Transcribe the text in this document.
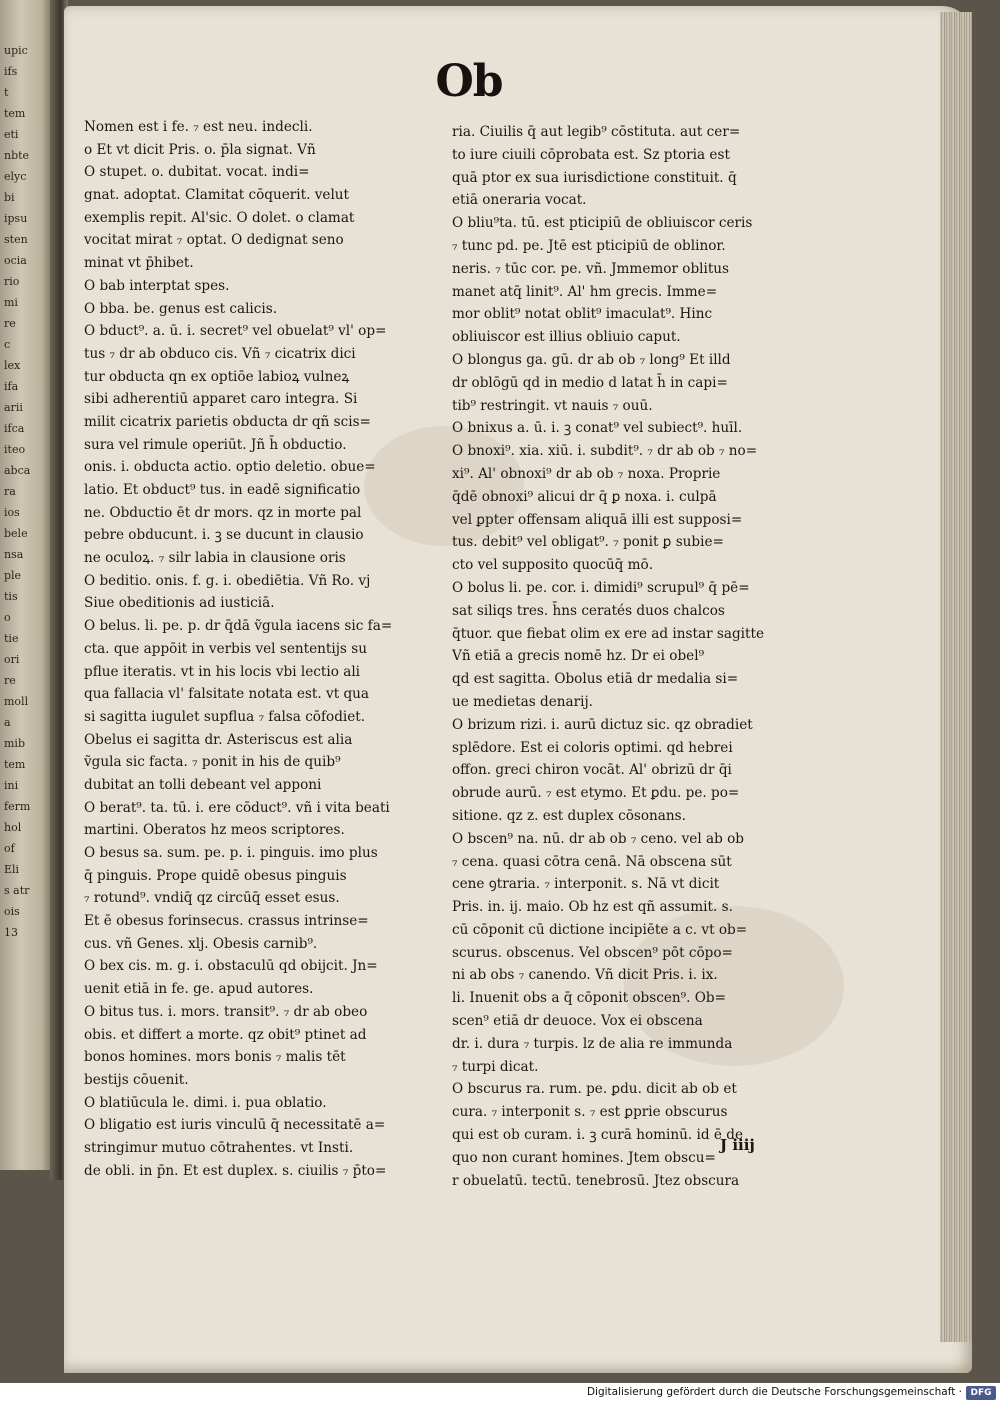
upic
ifs
t
tem
eti
nbte
elyc
bi
ipsu
sten
ocia
rio
mi
re
c
lex
ifa
arii
ifca
iteo
abca
ra
ios
bele
nsa
ple
tis
o
tie
ori
re
moll
a
mib
tem
ini
ferm
hol
of
Eli
s atr
ois
13
Ob
Nomen est i fe. ₇ est neu. indecli.
o Et vt dicit Pris. o. p̄la signat. Vñ
O stupet. o. dubitat. vocat. indi=
gnat. adoptat. Clamitat cōquerit. velut
exemplis repit. Al'sic. O dolet. o clamat
vocitat mirat ₇ optat. O dedignat seno
minat vt p̄hibet.
O bab interptat spes.
O bba. be. genus est calicis.
O bduct⁹. a. ū. i. secret⁹ vel obuelat⁹ vl' op=
tus ₇ dr ab obduco cis. Vñ ₇ cicatrix dici
tur obducta qn ex optiōe labioꝝ vulneꝝ
sibi adherentiū apparet caro integra. Si
milit cicatrix parietis obducta dr qñ scis=
sura vel rimule operiūt. Jñ h̄ obductio.
onis. i. obducta actio. optio deletio. obue=
latio. Et obduct⁹ tus. in eadē significatio
ne. Obductio ēt dr mors. qz in morte pal
pebre obducunt. i. ꝫ se ducunt in clausio
ne oculoꝝ. ₇ silr labia in clausione oris
O beditio. onis. f. g. i. obediētia. Vñ Ro. vj
Siue obeditionis ad iusticiā.
O belus. li. pe. p. dr q̄dā ṽgula iacens sic fa=
cta. que appōit in verbis vel sententijs su
pflue iteratis. vt in his locis vbi lectio ali
qua fallacia vl' falsitate notata est. vt qua
si sagitta iugulet supflua ₇ falsa cōfodiet.
Obelus ei sagitta dr. Asteriscus est alia
ṽgula sic facta. ₇ ponit in his de quib⁹
dubitat an tolli debeant vel apponi
O berat⁹. ta. tū. i. ere cōduct⁹. vñ i vita beati
martini. Oberatos hz meos scriptores.
O besus sa. sum. pe. p. i. pinguis. imo plus
q̄ pinguis. Prope quidē obesus pinguis
₇ rotund⁹. vndiq̄ qz circūq̄ esset esus.
Et ē obesus forinsecus. crassus intrinse=
cus. vñ Genes. xlj. Obesis carnib⁹.
O bex cis. m. g. i. obstaculū qd obijcit. Jn=
uenit etiā in fe. ge. apud autores.
O bitus tus. i. mors. transit⁹. ₇ dr ab obeo
obis. et differt a morte. qz obit⁹ ptinet ad
bonos homines. mors bonis ₇ malis tēt
bestijs cōuenit.
O blatiūcula le. dimi. i. pua oblatio.
O bligatio est iuris vinculū q̄ necessitatē a=
stringimur mutuo cōtrahentes. vt Insti.
de obli. in p̄n. Et est duplex. s. ciuilis ₇ p̄to=
ria. Ciuilis q̄ aut legib⁹ cōstituta. aut cer=
to iure ciuili cōprobata est. Sz ptoria est
quā ptor ex sua iurisdictione constituit. q̄
etiā oneraria vocat.
O bliu⁹ta. tū. est pticipiū de obliuiscor ceris
₇ tunc pd. pe. Jtē est pticipiū de oblinor.
neris. ₇ tūc cor. pe. vñ. Jmmemor oblitus
manet atq̄ linit⁹. Al' hm grecis. Imme=
mor oblit⁹ notat oblit⁹ imaculat⁹. Hinc
obliuiscor est illius obliuio caput.
O blongus ga. gū. dr ab ob ₇ long⁹ Et illd
dr oblōgū qd in medio d latat h̄ in capi=
tib⁹ restringit. vt nauis ₇ ouū.
O bnixus a. ū. i. ꝫ conat⁹ vel subiect⁹. huīl.
O bnoxi⁹. xia. xiū. i. subdit⁹. ₇ dr ab ob ₇ no=
xi⁹. Al' obnoxi⁹ dr ab ob ₇ noxa. Proprie
q̄dē obnoxi⁹ alicui dr q̄ ꝑ noxa. i. culpā
vel ꝑpter offensam aliquā illi est supposi=
tus. debit⁹ vel obligat⁹. ₇ ponit ꝑ subie=
cto vel supposito quocūq̄ mō.
O bolus li. pe. cor. i. dimidi⁹ scrupul⁹ q̄ pē=
sat siliqs tres. h̄ns ceratés duos chalcos
q̄tuor. que fiebat olim ex ere ad instar sagitte
Vñ etiā a grecis nomē hz. Dr ei obel⁹
qd est sagitta. Obolus etiā dr medalia si=
ue medietas denarij.
O brizum rizi. i. aurū dictuz sic. qz obradiet
splēdore. Est ei coloris optimi. qd hebrei
offon. greci chiron vocāt. Al' obrizū dr q̄i
obrude aurū. ₇ est etymo. Et ꝑdu. pe. po=
sitione. qz z. est duplex cōsonans.
O bscen⁹ na. nū. dr ab ob ₇ ceno. vel ab ob
₇ cena. quasi cōtra cenā. Nā obscena sūt
cene ꝯtraria. ₇ interponit. s. Nā vt dicit
Pris. in. ij. maio. Ob hz est qñ assumit. s.
cū cōponit cū dictione incipiēte a c. vt ob=
scurus. obscenus. Vel obscen⁹ pōt cōpo=
ni ab obs ₇ canendo. Vñ dicit Pris. i. ix.
li. Inuenit obs a q̄ cōponit obscen⁹. Ob=
scen⁹ etiā dr deuoce. Vox ei obscena
dr. i. dura ₇ turpis. lz de alia re immunda
₇ turpi dicat.
O bscurus ra. rum. pe. ꝑdu. dicit ab ob et
cura. ₇ interponit s. ₇ est ꝑprie obscurus
qui est ob curam. i. ꝫ curā hominū. id ē de
quo non curant homines. Jtem obscu=
r obuelatū. tectū. tenebrosū. Jtez obscura
J iiij
Digitalisierung gefördert durch die Deutsche Forschungsgemeinschaft · DFG
